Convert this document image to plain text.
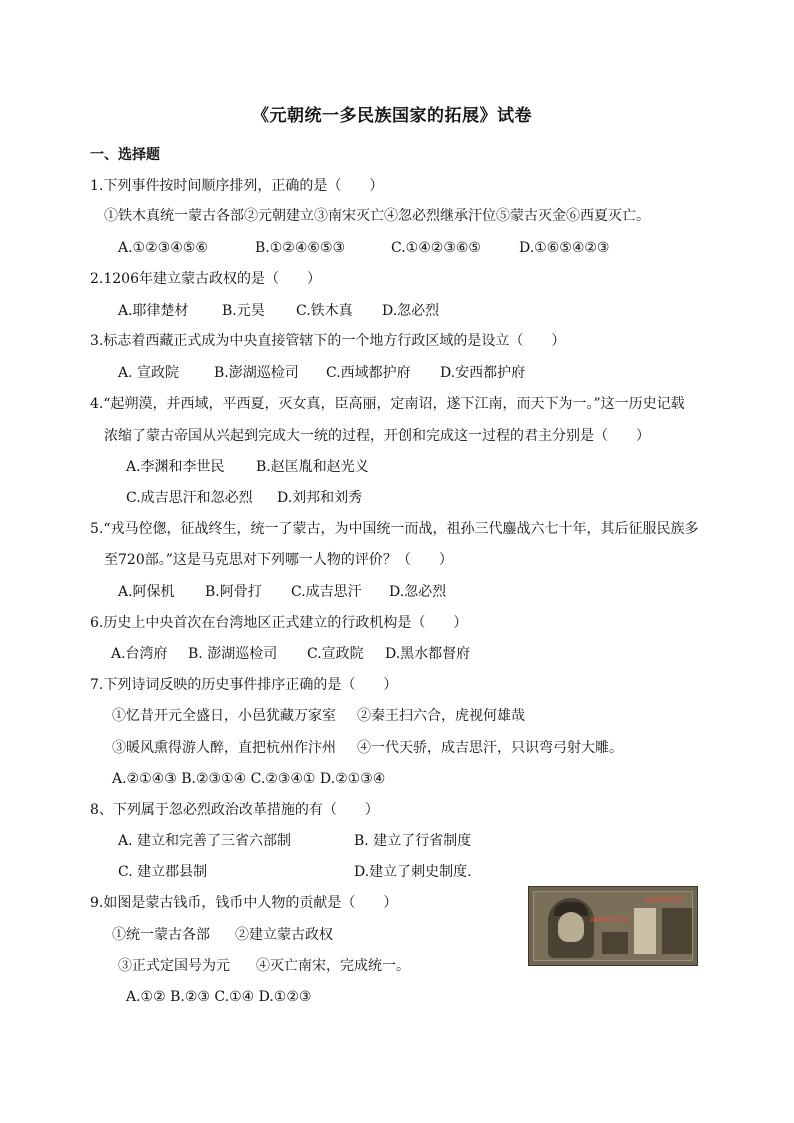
《元朝统一多民族国家的拓展》试卷
一、选择题
1.下列事件按时间顺序排列，正确的是（　　）
①铁木真统一蒙古各部②元朝建立③南宋灭亡④忽必烈继承汗位⑤蒙古灭金⑥西夏灭亡。
A.①②③④⑤⑥	B.①②④⑥⑤③	C.①④②③⑥⑤	D.①⑥⑤④②③
2.1206年建立蒙古政权的是（　　）
A.耶律楚材 B.元昊 C.铁木真 D.忽必烈
3.标志着西藏正式成为中央直接管辖下的一个地方行政区域的是设立（　　）
A. 宣政院 B.澎湖巡检司 C.西域都护府 D.安西都护府
4.“起朔漠，并西域，平西夏，灭女真，臣高丽，定南诏，遂下江南，而天下为一。”这一历史记载
浓缩了蒙古帝国从兴起到完成大一统的过程，开创和完成这一过程的君主分别是（　　）
A.李渊和李世民 B.赵匡胤和赵光义
C.成吉思汗和忽必烈 D.刘邦和刘秀
5.“戎马倥偬，征战终生，统一了蒙古，为中国统一而战，祖孙三代鏖战六七十年，其后征服民族多
至720部。”这是马克思对下列哪一人物的评价？（　　）
A.阿保机 B.阿骨打 C.成吉思汗 D.忽必烈
6.历史上中央首次在台湾地区正式建立的行政机构是（　　）
A.台湾府 B. 澎湖巡检司 C.宣政院 D.黑水都督府
7.下列诗词反映的历史事件排序正确的是（　　）
①忆昔开元全盛日，小邑犹藏万家室 ②秦王扫六合，虎视何雄哉
③暖风熏得游人醉，直把杭州作汴州 ④一代天骄，成吉思汗，只识弯弓射大雕。
A.②①④③ B.②③①④ C.②③④① D.②①③④
8、下列属于忽必烈政治改革措施的有（　　）
A. 建立和完善了三省六部制	B. 建立了行省制度
C. 建立郡县制	D.建立了刺史制度.
9.如图是蒙古钱币，钱币中人物的贡献是（　　）
①统一蒙古各部 ②建立蒙古政权
③正式定国号为元 ④灭亡南宋，完成统一。
A.①② B.②③ C.①④ D.①②③
AA5983275
AA5983275
